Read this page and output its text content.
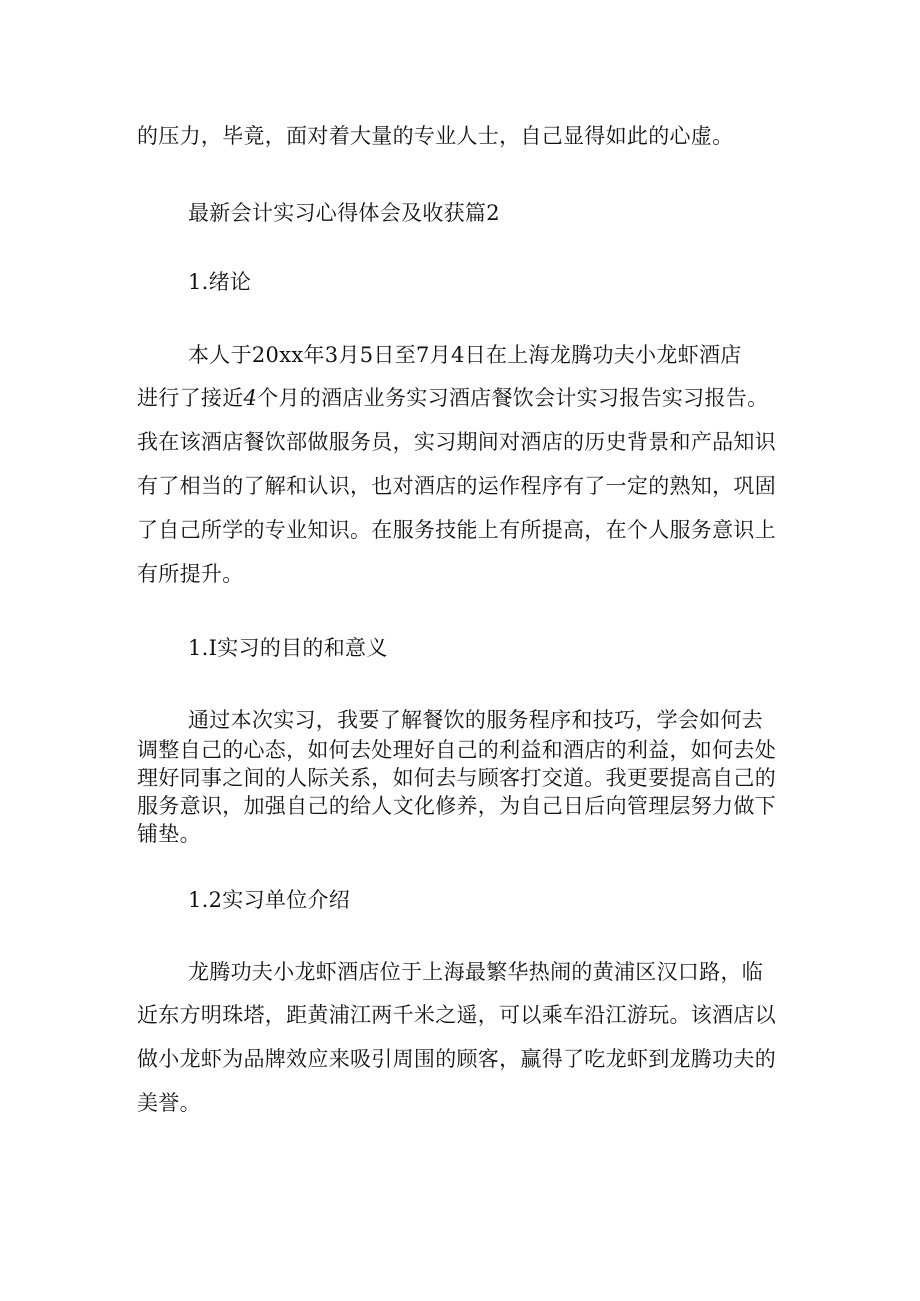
的压力，毕竟，面对着大量的专业人士，自己显得如此的心虚。
最新会计实习心得体会及收获篇2
1.绪论
本人于20xx年3月5日至7月4日在上海龙腾功夫小龙虾酒店
进行了接近4个月的酒店业务实习酒店餐饮会计实习报告实习报告。
我在该酒店餐饮部做服务员，实习期间对酒店的历史背景和产品知识
有了相当的了解和认识，也对酒店的运作程序有了一定的熟知，巩固
了自己所学的专业知识。在服务技能上有所提高，在个人服务意识上
有所提升。
1.I实习的目的和意义
通过本次实习，我要了解餐饮的服务程序和技巧，学会如何去
调整自己的心态，如何去处理好自己的利益和酒店的利益，如何去处
理好同事之间的人际关系，如何去与顾客打交道。我更要提高自己的
服务意识，加强自己的给人文化修养，为自己日后向管理层努力做下
铺垫。
1.2实习单位介绍
龙腾功夫小龙虾酒店位于上海最繁华热闹的黄浦区汉口路，临
近东方明珠塔，距黄浦江两千米之遥，可以乘车沿江游玩。该酒店以
做小龙虾为品牌效应来吸引周围的顾客，赢得了吃龙虾到龙腾功夫的
美誉。
